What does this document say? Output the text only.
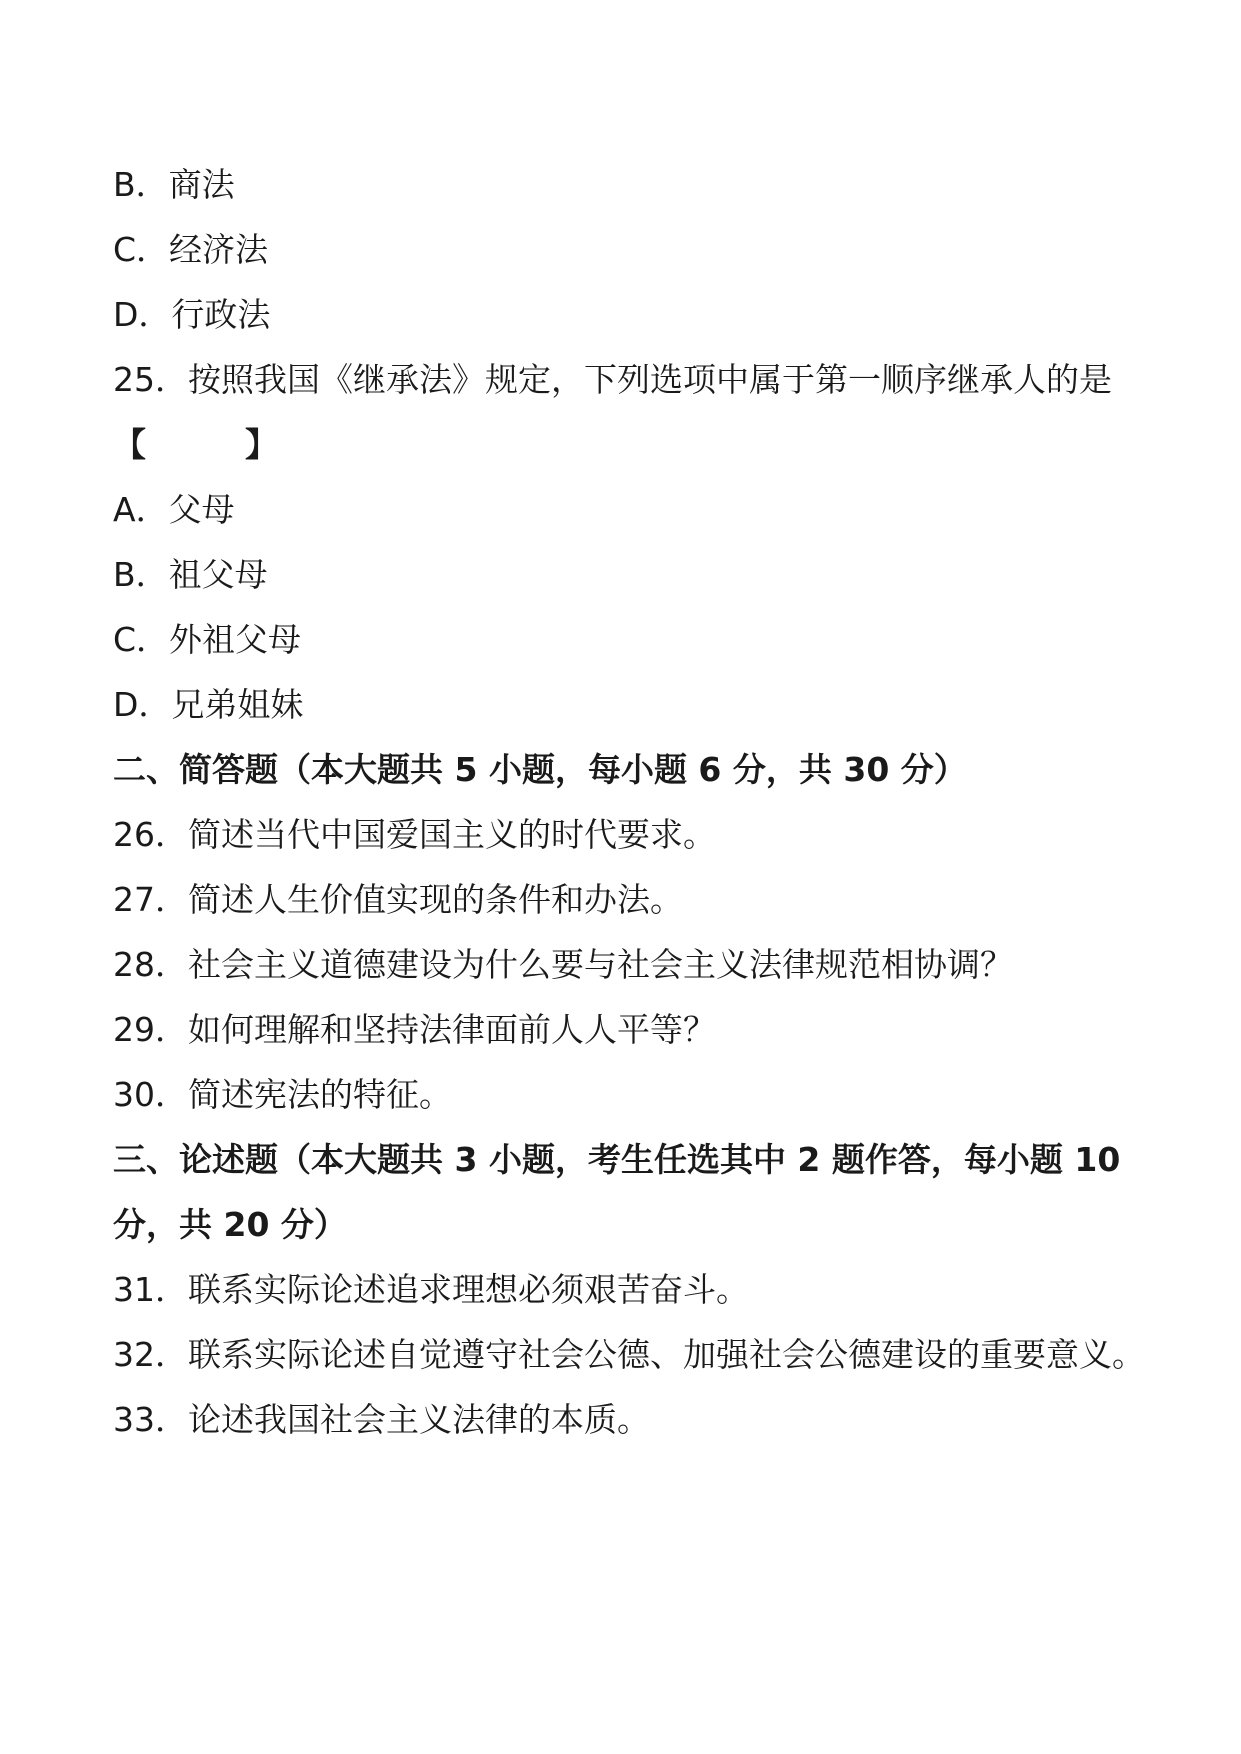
B．商法
C．经济法
D．行政法
25．按照我国《继承法》规定，下列选项中属于第一顺序继承人的是
【　　　】
A．父母
B．祖父母
C．外祖父母
D．兄弟姐妹
二、简答题（本大题共 5 小题，每小题 6 分，共 30 分）
26．简述当代中国爱国主义的时代要求。
27．简述人生价值实现的条件和办法。
28．社会主义道德建设为什么要与社会主义法律规范相协调？
29．如何理解和坚持法律面前人人平等？
30．简述宪法的特征。
三、论述题（本大题共 3 小题，考生任选其中 2 题作答，每小题 10
分，共 20 分）
31．联系实际论述追求理想必须艰苦奋斗。
32．联系实际论述自觉遵守社会公德、加强社会公德建设的重要意义。
33．论述我国社会主义法律的本质。
